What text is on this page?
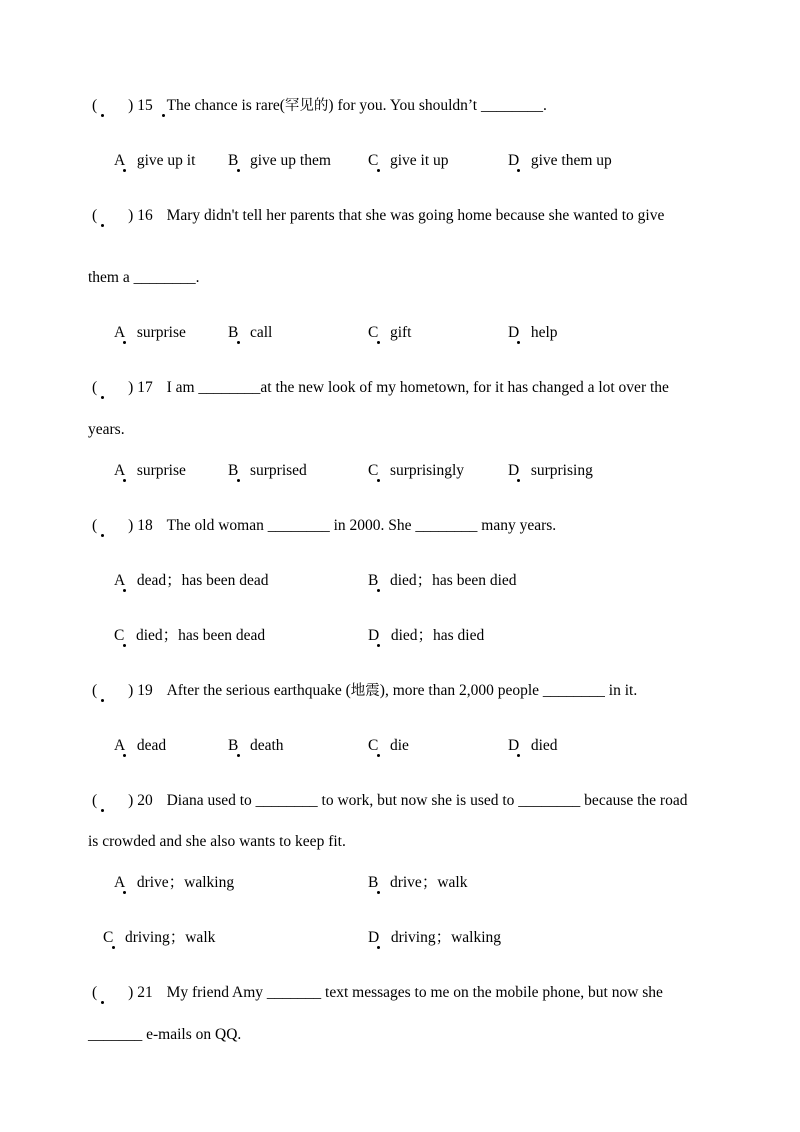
(　　) 15 The chance is rare(罕见的) for you. You shouldn’t ________.
A give up it B give up them C give it up	D give them up
(　　) 16 Mary didn't tell her parents that she was going home because she wanted to give
them a ________.
A surprise	B call	C gift	D help
(　　) 17 I am ________at the new look of my hometown, for it has changed a lot over the
years.
A surprise	B surprised	C surprisingly	D surprising
(　　) 18 The old woman ________ in 2000. She ________ many years.
A dead；has been dead	B died；has been died
C died；has been dead	D died；has died
(　　) 19 After the serious earthquake (地震), more than 2,000 people ________ in it.
A dead	B death	C die	D died
(　　) 20 Diana used to ________ to work, but now she is used to ________ because the road
is crowded and she also wants to keep fit.
A drive；walking	B drive；walk
C driving；walk	D driving；walking
(　　) 21 My friend Amy _______ text messages to me on the mobile phone, but now she
_______ e-mails on QQ.
